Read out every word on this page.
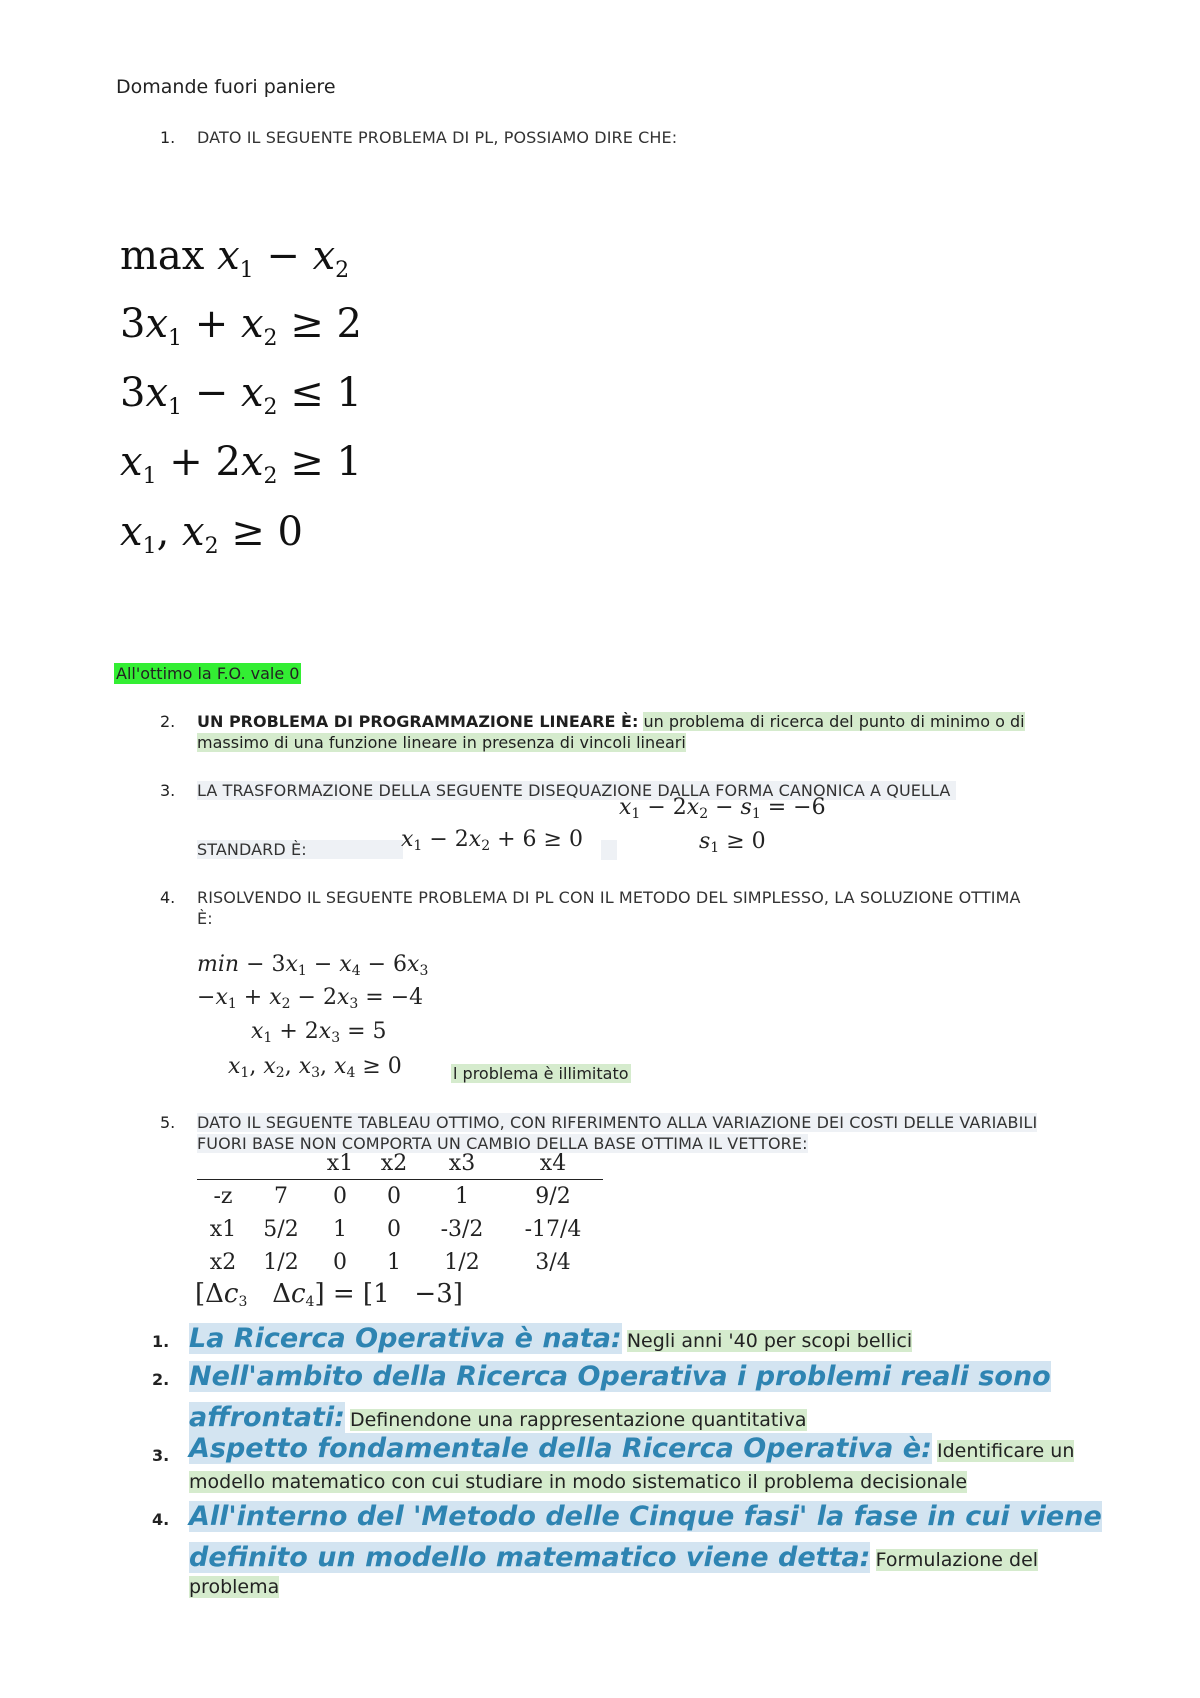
Domande fuori paniere
1. DATO IL SEGUENTE PROBLEMA DI PL, POSSIAMO DIRE CHE:
$\max x_1 - x_2$
$3x_1 + x_2 \ge 2$
$3x_1 - x_2 \le 1$
$x_1 + 2x_2 \ge 1$
$x_1$, $x_2 \ge 0$
All'ottimo la F.O. vale 0
2. UN PROBLEMA DI PROGRAMMAZIONE LINEARE È: un problema di ricerca del punto di minimo o di
massimo di una funzione lineare in presenza di vincoli lineari
3. LA TRASFORMAZIONE DELLA SEGUENTE DISEQUAZIONE DALLA FORMA CANONICA A QUELLA
STANDARD È:	$x_1 - 2x_2 + 6 \ge 0$
$x_1 - 2x_2 - s_1 = -6$
$s_1 \ge 0$
4. RISOLVENDO IL SEGUENTE PROBLEMA DI PL CON IL METODO DEL SIMPLESSO, LA SOLUZIONE OTTIMA
È:
$\min - 3x_1 - x_4 - 6x_3$
$-x_1 + x_2 - 2x_3 = -4$
$x_1 + 2x_3 = 5$
$x_1$, $x_2$, $x_3$, $x_4 \ge 0$	l problema è illimitato
5. DATO IL SEGUENTE TABLEAU OTTIMO, CON RIFERIMENTO ALLA VARIAZIONE DEI COSTI DELLE VARIABILI
FUORI BASE NON COMPORTA UN CAMBIO DELLA BASE OTTIMA IL VETTORE:
		x1	x2	x3	x4
-z	7	0	0	1	9/2
x1	5/2	1	0	-3/2	-17/4
x2	1/2	0	1	1/2	3/4
[$\Delta c_3$   $\Delta c_4] = [1 -3]$
1. La Ricerca Operativa è nata: Negli anni '40 per scopi bellici
2. Nell'ambito della Ricerca Operativa i problemi reali sono
affrontati: Definendone una rappresentazione quantitativa
3. Aspetto fondamentale della Ricerca Operativa è: Identificare un
modello matematico con cui studiare in modo sistematico il problema decisionale
4. All'interno del 'Metodo delle Cinque fasi' la fase in cui viene
definito un modello matematico viene detta: Formulazione del
problema
